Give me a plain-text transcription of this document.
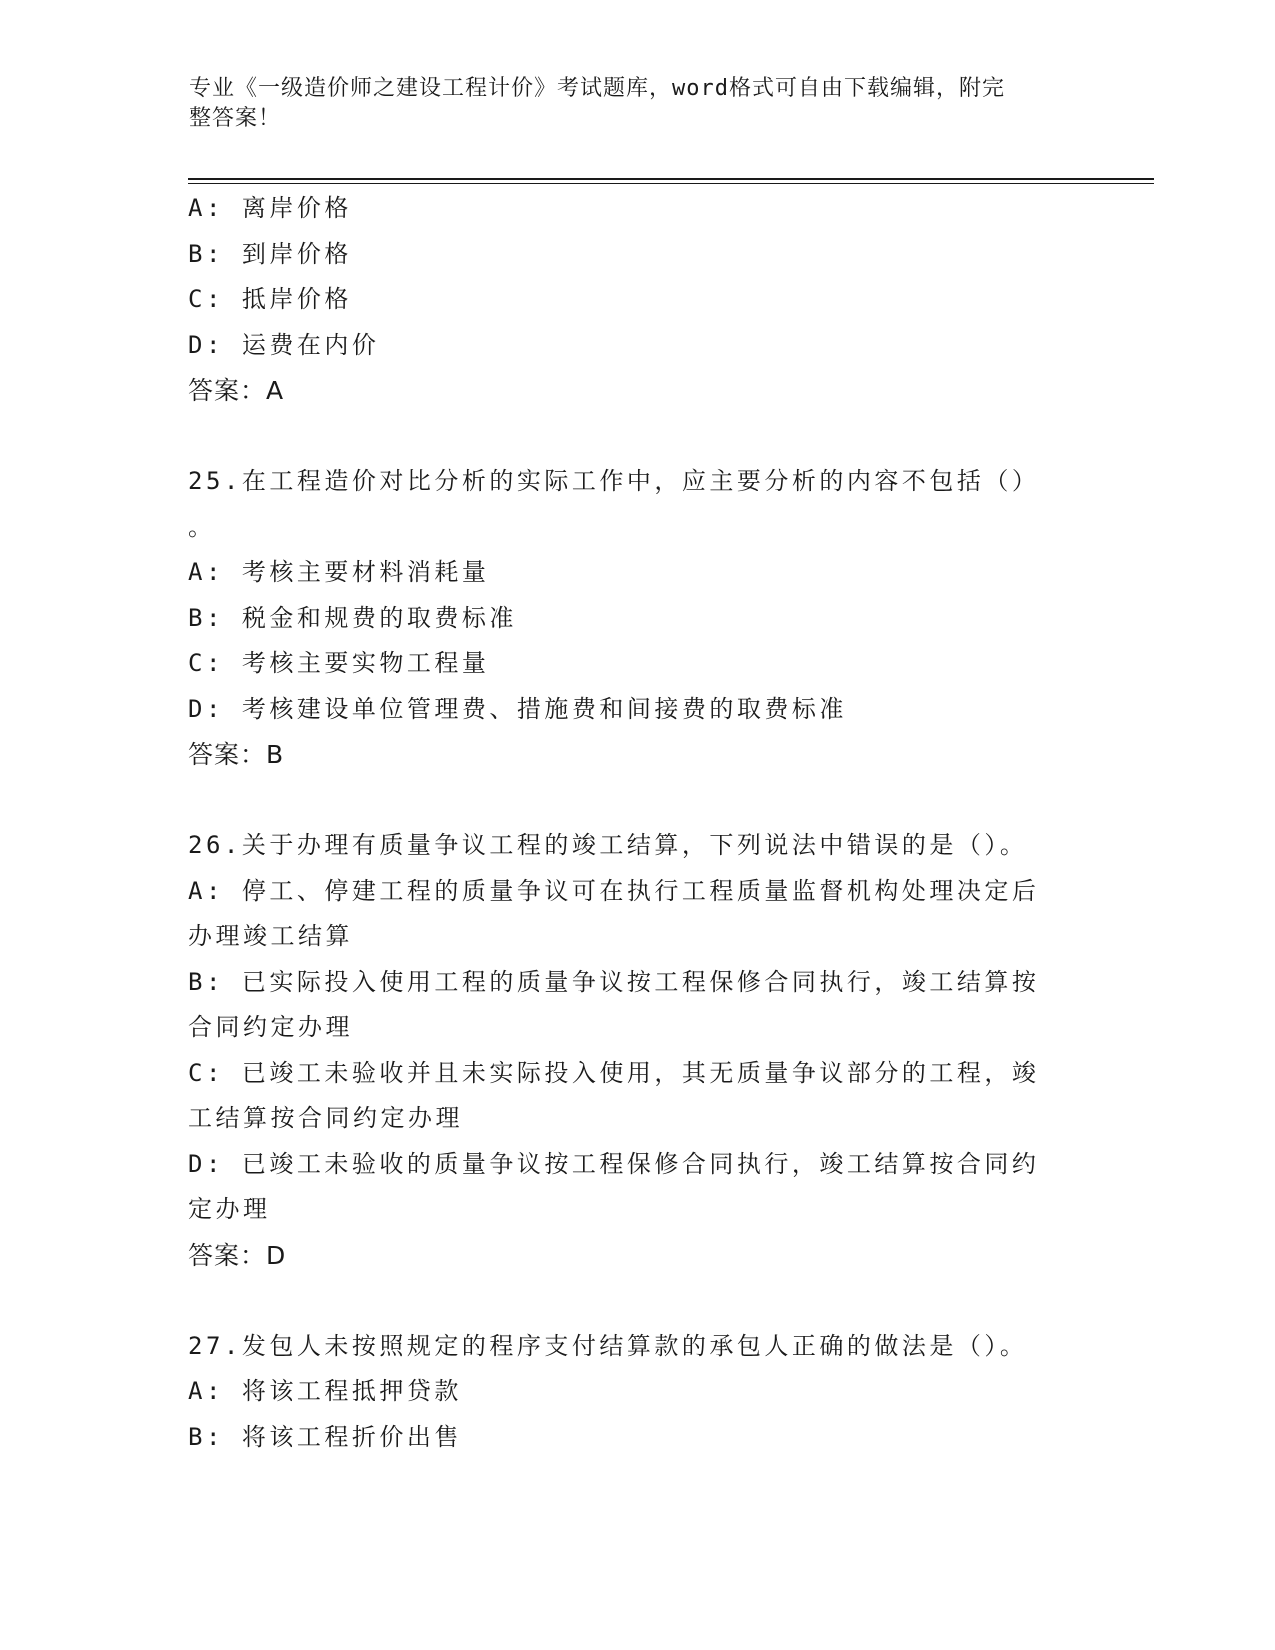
专业《一级造价师之建设工程计价》考试题库，word格式可自由下载编辑，附完
整答案！
A: 离岸价格
B: 到岸价格
C: 抵岸价格
D: 运费在内价
答案：A
25.在工程造价对比分析的实际工作中，应主要分析的内容不包括（）
。
A: 考核主要材料消耗量
B: 税金和规费的取费标准
C: 考核主要实物工程量
D: 考核建设单位管理费、措施费和间接费的取费标准
答案：B
26.关于办理有质量争议工程的竣工结算，下列说法中错误的是（）。
A: 停工、停建工程的质量争议可在执行工程质量监督机构处理决定后
办理竣工结算
B: 已实际投入使用工程的质量争议按工程保修合同执行，竣工结算按
合同约定办理
C: 已竣工未验收并且未实际投入使用，其无质量争议部分的工程，竣
工结算按合同约定办理
D: 已竣工未验收的质量争议按工程保修合同执行，竣工结算按合同约
定办理
答案：D
27.发包人未按照规定的程序支付结算款的承包人正确的做法是（）。
A: 将该工程抵押贷款
B: 将该工程折价出售
